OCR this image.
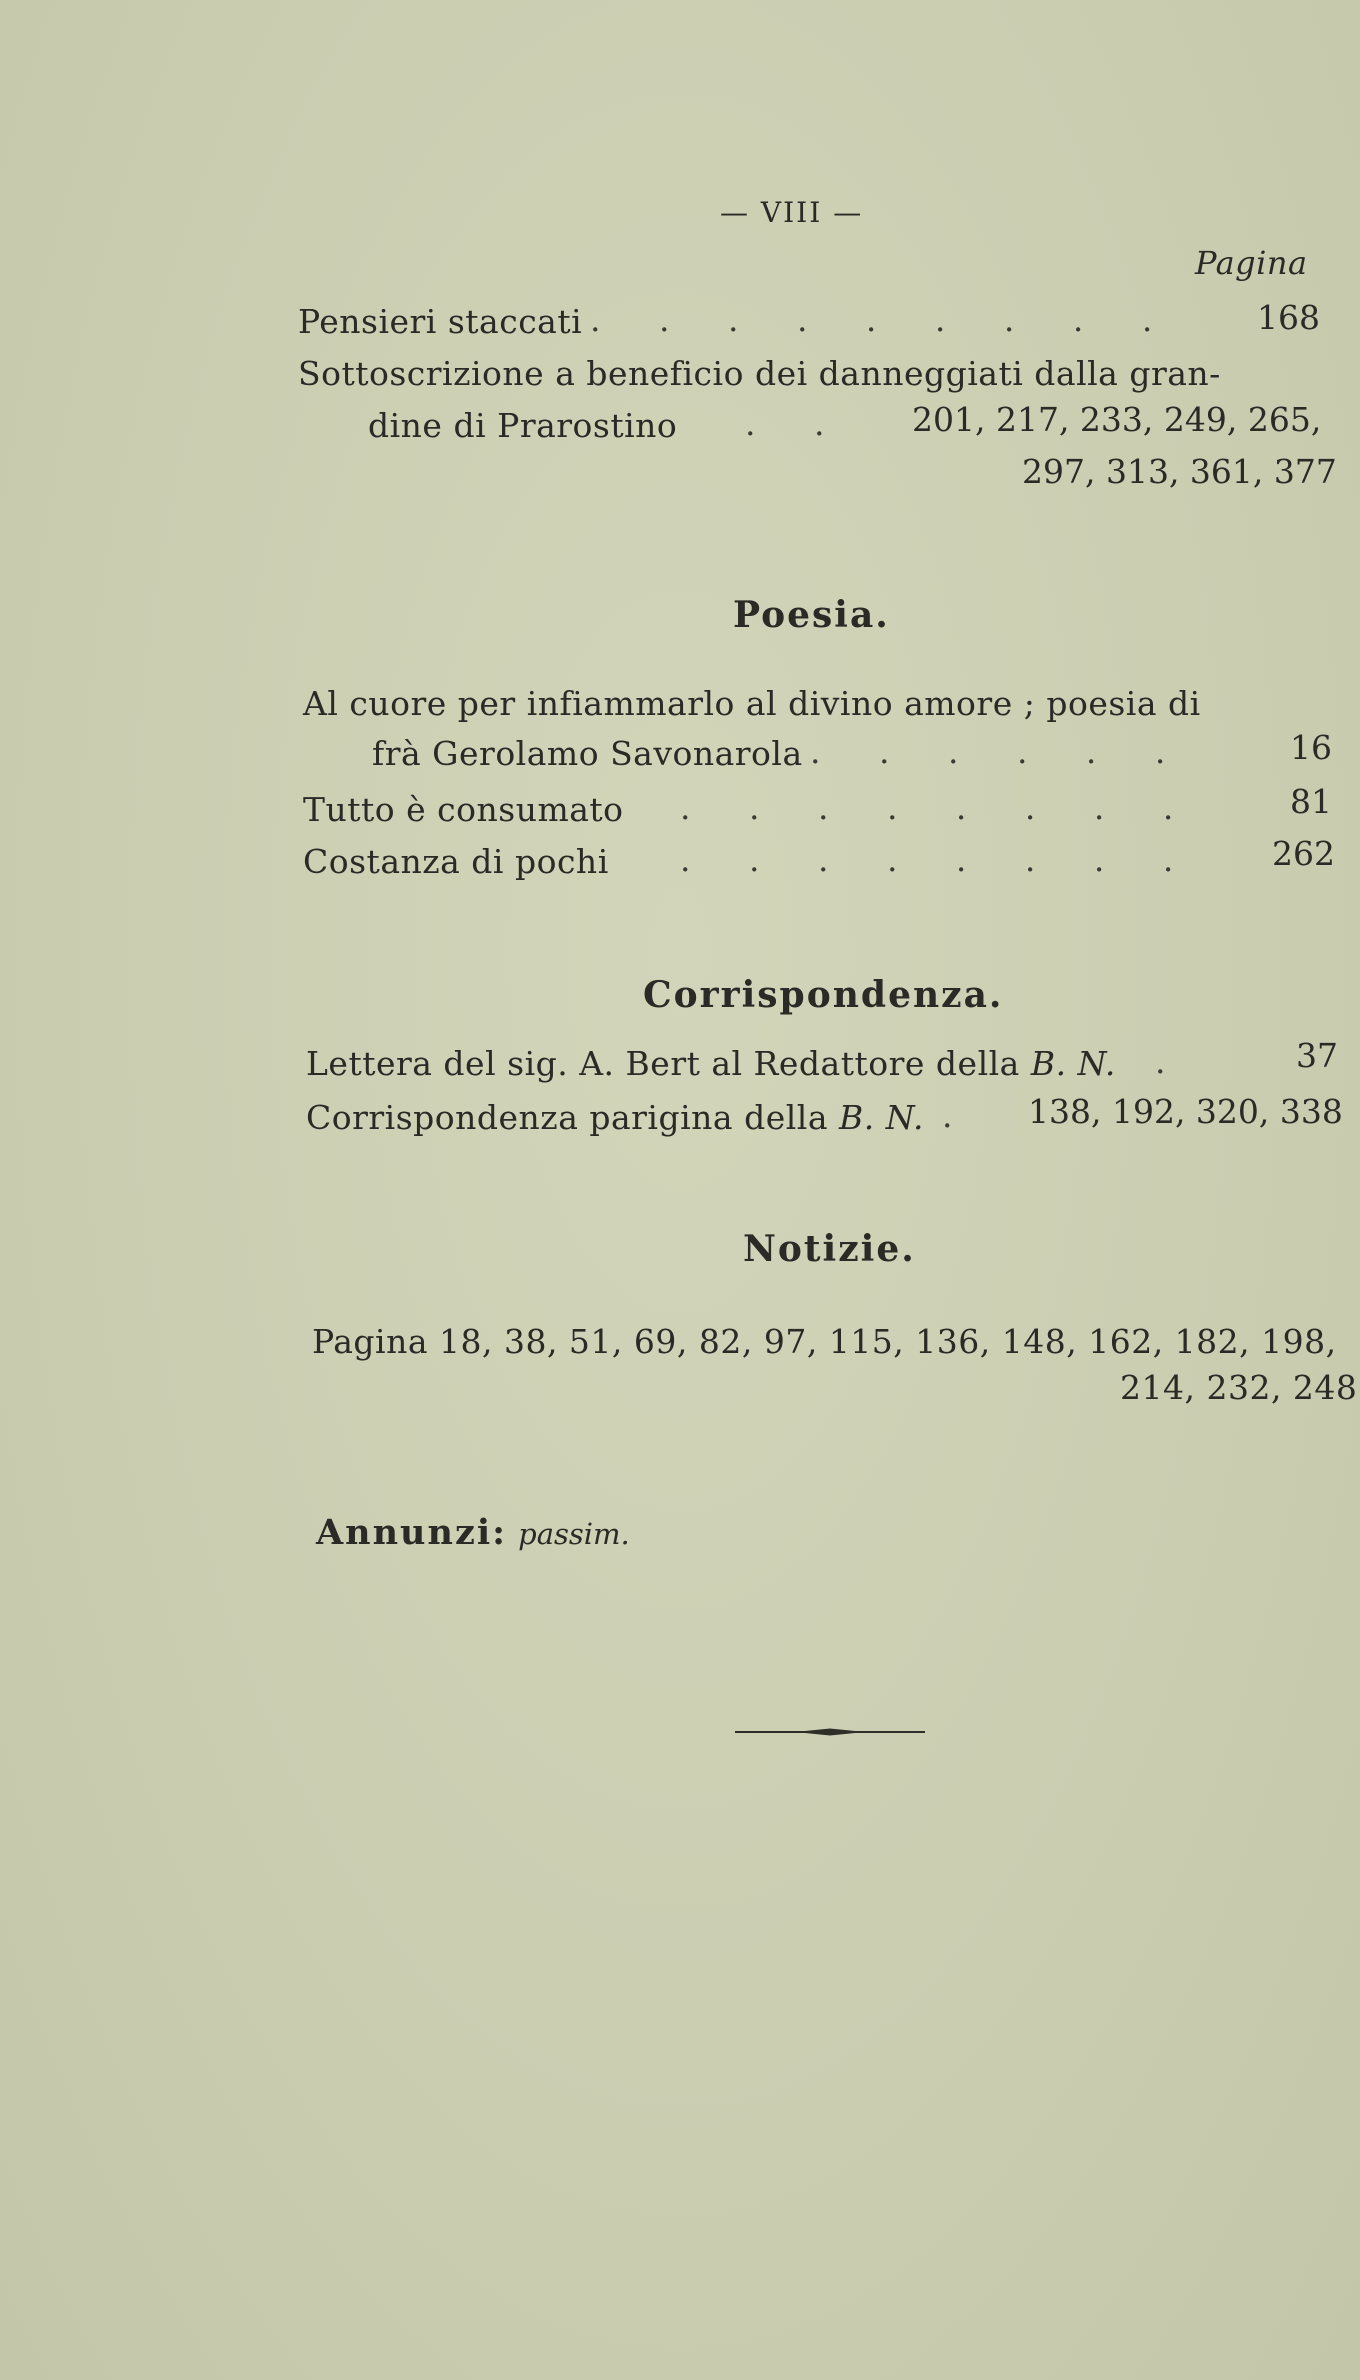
— VIII —
Pagina
Pensieri staccati . . . . . . . . . 168
Sottoscrizione a beneficio dei danneggiati dalla gran-
dine di Prarostino . . 201, 217, 233, 249, 265,
297, 313, 361, 377
Poesia.
Al cuore per infiammarlo al divino amore ; poesia di
frà Gerolamo Savonarola . . . . . .	16
Tutto è consumato . . . . . . . .	81
Costanza di pochi . . . . . . . . 262
Corrispondenza.
Lettera del sig. A. Bert al Redattore della B. N. .	37
Corrispondenza parigina della B. N. . 138, 192, 320, 338
Notizie.
Pagina 18, 38, 51, 69, 82, 97, 115, 136, 148, 162, 182, 198,
214, 232, 248
Annunzi: passim.
